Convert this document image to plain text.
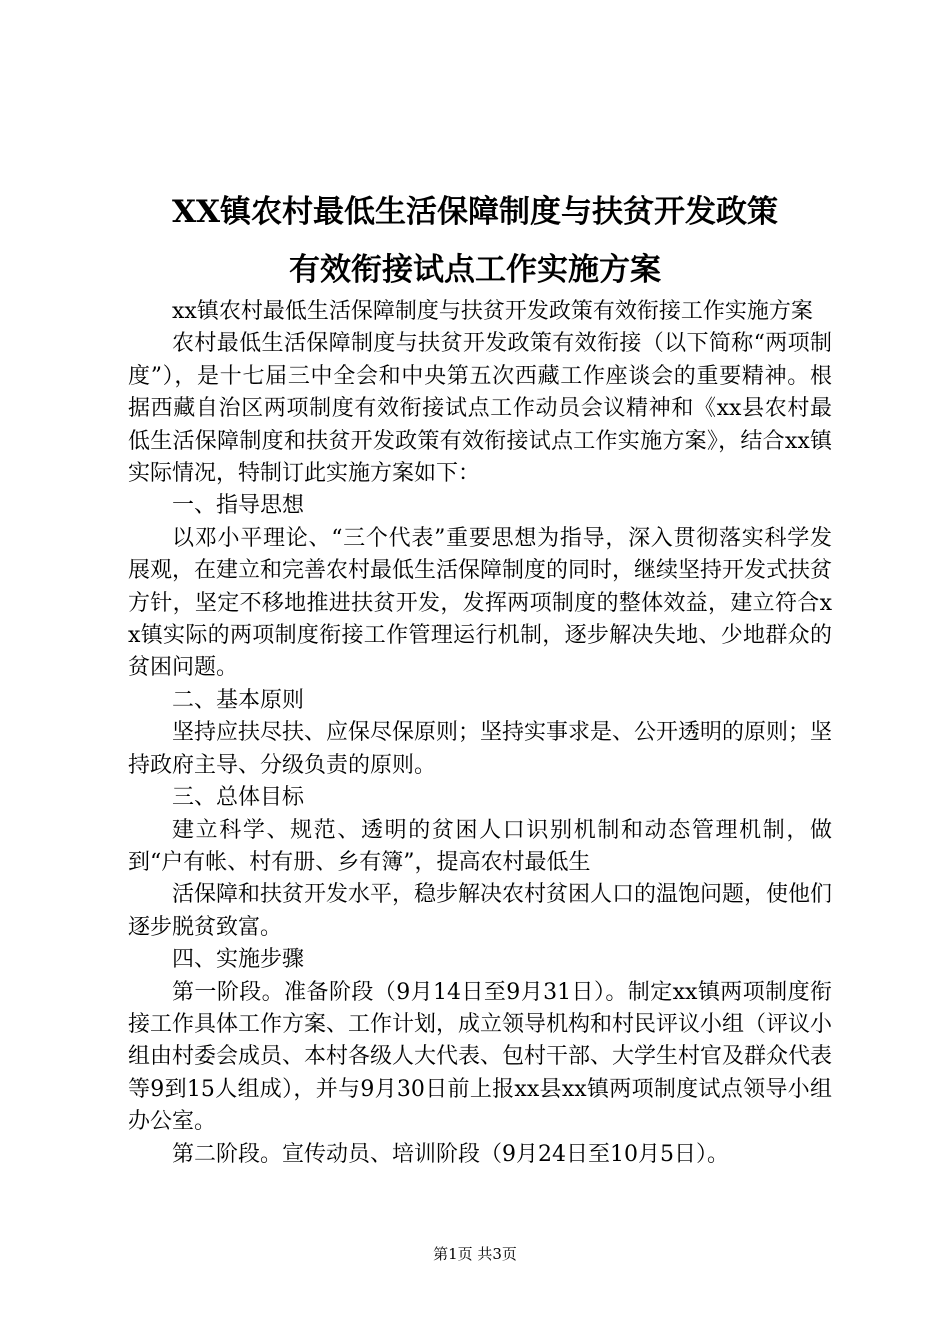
XX镇农村最低生活保障制度与扶贫开发政策
有效衔接试点工作实施方案

xx镇农村最低生活保障制度与扶贫开发政策有效衔接工作实施方案

农村最低生活保障制度与扶贫开发政策有效衔接（以下简称“两项制度”），是十七届三中全会和中央第五次西藏工作座谈会的重要精神。根据西藏自治区两项制度有效衔接试点工作动员会议精神和《xx县农村最低生活保障制度和扶贫开发政策有效衔接试点工作实施方案》，结合xx镇实际情况，特制订此实施方案如下：

一、指导思想

以邓小平理论、“三个代表”重要思想为指导，深入贯彻落实科学发展观，在建立和完善农村最低生活保障制度的同时，继续坚持开发式扶贫方针，坚定不移地推进扶贫开发，发挥两项制度的整体效益，建立符合xx镇实际的两项制度衔接工作管理运行机制，逐步解决失地、少地群众的贫困问题。

二、基本原则

坚持应扶尽扶、应保尽保原则；坚持实事求是、公开透明的原则；坚持政府主导、分级负责的原则。

三、总体目标

建立科学、规范、透明的贫困人口识别机制和动态管理机制，做到“户有帐、村有册、乡有簿”，提高农村最低生

活保障和扶贫开发水平，稳步解决农村贫困人口的温饱问题，使他们逐步脱贫致富。

四、实施步骤

第一阶段。准备阶段（9月14日至9月31日）。制定xx镇两项制度衔接工作具体工作方案、工作计划，成立领导机构和村民评议小组（评议小组由村委会成员、本村各级人大代表、包村干部、大学生村官及群众代表等9到15人组成），并与9月30日前上报xx县xx镇两项制度试点领导小组办公室。

第二阶段。宣传动员、培训阶段（9月24日至10月5日）。

第1页 共3页
